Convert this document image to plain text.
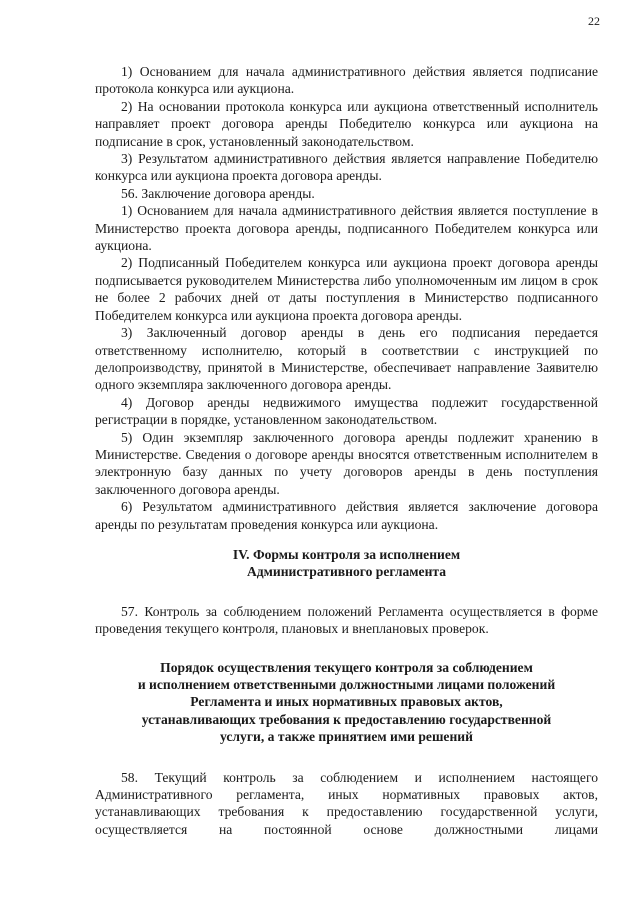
22

1) Основанием для начала административного действия является подписание протокола конкурса или аукциона.

2) На основании протокола конкурса или аукциона ответственный исполнитель направляет проект договора аренды Победителю конкурса или аукциона на подписание в срок, установленный законодательством.

3) Результатом административного действия является направление Победителю конкурса или аукциона проекта договора аренды.

56. Заключение договора аренды.

1) Основанием для начала административного действия является поступление в Министерство проекта договора аренды, подписанного Победителем конкурса или аукциона.

2) Подписанный Победителем конкурса или аукциона проект договора аренды подписывается руководителем Министерства либо уполномоченным им лицом в срок не более 2 рабочих дней от даты поступления в Министерство подписанного Победителем конкурса или аукциона проекта договора аренды.

3) Заключенный договор аренды в день его подписания передается ответственному исполнителю, который в соответствии с инструкцией по делопроизводству, принятой в Министерстве, обеспечивает направление Заявителю одного экземпляра заключенного договора аренды.

4) Договор аренды недвижимого имущества подлежит государственной регистрации в порядке, установленном законодательством.

5) Один экземпляр заключенного договора аренды подлежит хранению в Министерстве. Сведения о договоре аренды вносятся ответственным исполнителем в электронную базу данных по учету договоров аренды в день поступления заключенного договора аренды.

6) Результатом административного действия является заключение договора аренды по результатам проведения конкурса или аукциона.

IV. Формы контроля за исполнением

Административного регламента

57. Контроль за соблюдением положений Регламента осуществляется в форме проведения текущего контроля, плановых и внеплановых проверок.

Порядок осуществления текущего контроля за соблюдением

и исполнением ответственными должностными лицами положений

Регламента и иных нормативных правовых актов,

устанавливающих требования к предоставлению государственной

услуги, а также принятием ими решений

58. Текущий контроль за соблюдением и исполнением настоящего Административного регламента, иных нормативных правовых актов, устанавливающих требования к предоставлению государственной услуги, осуществляется на постоянной основе должностными лицами
